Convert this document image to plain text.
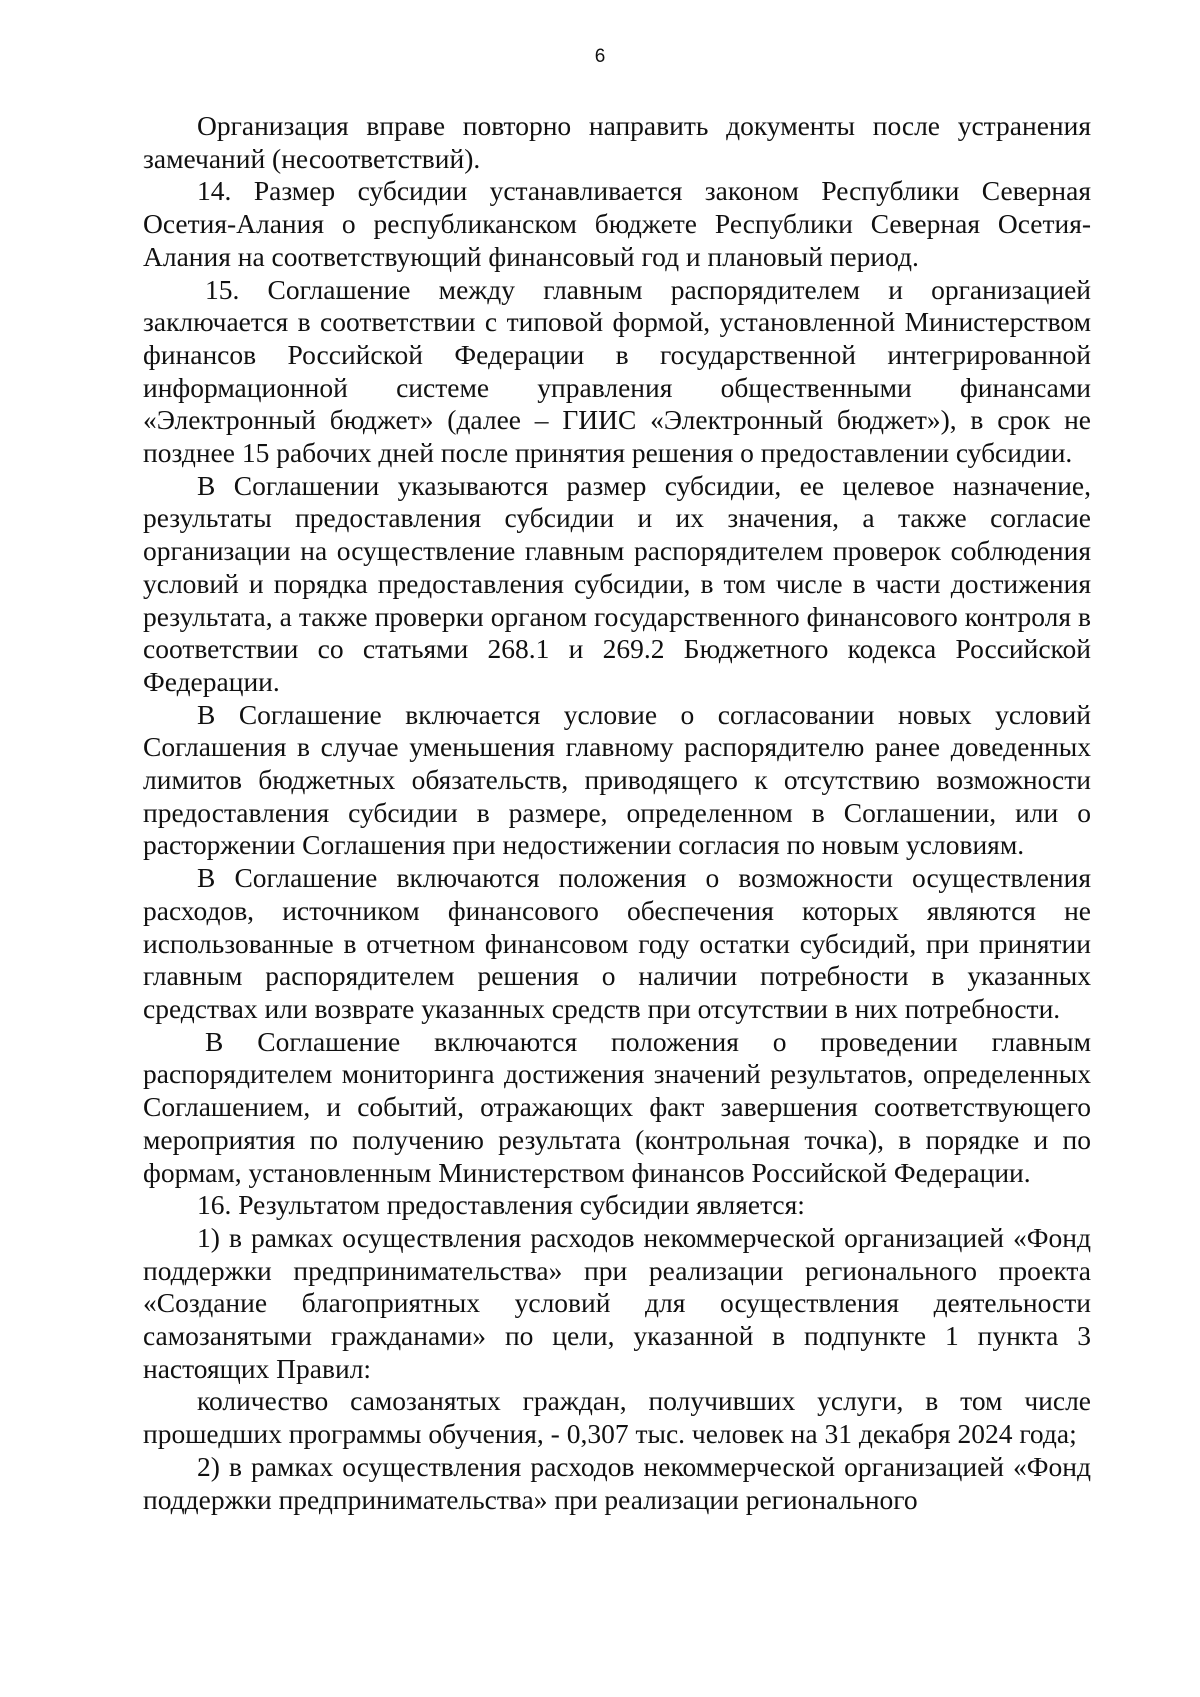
6

Организация вправе повторно направить документы после устранения замечаний (несоответствий).

14. Размер субсидии устанавливается законом Республики Северная Осетия-Алания о республиканском бюджете Республики Северная Осетия-Алания на соответствующий финансовый год и плановый период.

15. Соглашение между главным распорядителем и организацией заключается в соответствии с типовой формой, установленной Министерством финансов Российской Федерации в государственной интегрированной информационной системе управления общественными финансами «Электронный бюджет» (далее – ГИИС «Электронный бюджет»), в срок не позднее 15 рабочих дней после принятия решения о предоставлении субсидии.

В Соглашении указываются размер субсидии, ее целевое назначение, результаты предоставления субсидии и их значения, а также согласие организации на осуществление главным распорядителем проверок соблюдения условий и порядка предоставления субсидии, в том числе в части достижения результата, а также проверки органом государственного финансового контроля в соответствии со статьями 268.1 и 269.2 Бюджетного кодекса Российской Федерации.

В Соглашение включается условие о согласовании новых условий Соглашения в случае уменьшения главному распорядителю ранее доведенных лимитов бюджетных обязательств, приводящего к отсутствию возможности предоставления субсидии в размере, определенном в Соглашении, или о расторжении Соглашения при недостижении согласия по новым условиям.

В Соглашение включаются положения о возможности осуществления расходов, источником финансового обеспечения которых являются не использованные в отчетном финансовом году остатки субсидий, при принятии главным распорядителем решения о наличии потребности в указанных средствах или возврате указанных средств при отсутствии в них потребности.

В Соглашение включаются положения о проведении главным распорядителем мониторинга достижения значений результатов, определенных Соглашением, и событий, отражающих факт завершения соответствующего мероприятия по получению результата (контрольная точка), в порядке и по формам, установленным Министерством финансов Российской Федерации.

16. Результатом предоставления субсидии является:

1) в рамках осуществления расходов некоммерческой организацией «Фонд поддержки предпринимательства» при реализации регионального проекта «Создание благоприятных условий для осуществления деятельности самозанятыми гражданами» по цели, указанной в подпункте 1 пункта 3 настоящих Правил:

количество самозанятых граждан, получивших услуги, в том числе прошедших программы обучения, - 0,307 тыс. человек на 31 декабря 2024 года;

2) в рамках осуществления расходов некоммерческой организацией «Фонд поддержки предпринимательства» при реализации регионального
